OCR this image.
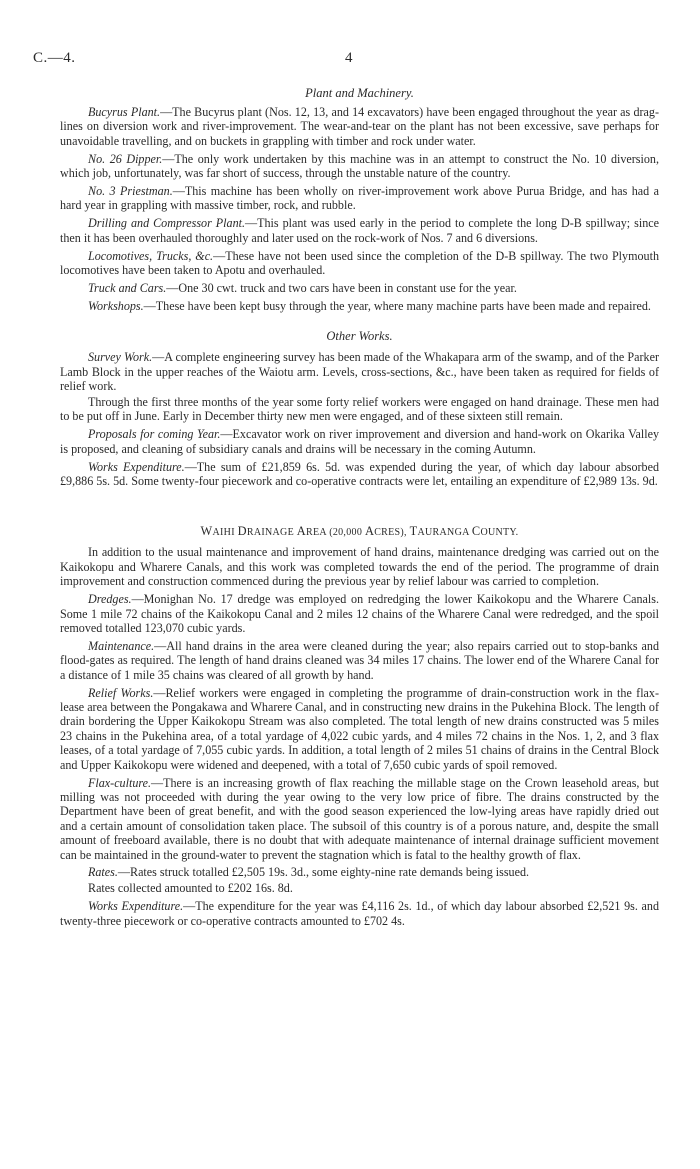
C.—4.	4
Plant and Machinery.

Bucyrus Plant.—The Bucyrus plant (Nos. 12, 13, and 14 excavators) have been engaged throughout the year as drag-lines on diversion work and river-improvement. The wear-and-tear on the plant has not been excessive, save perhaps for unavoidable travelling, and on buckets in grappling with timber and rock under water.

No. 26 Dipper.—The only work undertaken by this machine was in an attempt to construct the No. 10 diversion, which job, unfortunately, was far short of success, through the unstable nature of the country.

No. 3 Priestman.—This machine has been wholly on river-improvement work above Purua Bridge, and has had a hard year in grappling with massive timber, rock, and rubble.

Drilling and Compressor Plant.—This plant was used early in the period to complete the long D-B spillway; since then it has been overhauled thoroughly and later used on the rock-work of Nos. 7 and 6 diversions.

Locomotives, Trucks, &c.—These have not been used since the completion of the D-B spillway. The two Plymouth locomotives have been taken to Apotu and overhauled.

Truck and Cars.—One 30 cwt. truck and two cars have been in constant use for the year.

Workshops.—These have been kept busy through the year, where many machine parts have been made and repaired.

Other Works.

Survey Work.—A complete engineering survey has been made of the Whakapara arm of the swamp, and of the Parker Lamb Block in the upper reaches of the Waiotu arm. Levels, cross-sections, &c., have been taken as required for fields of relief work.

Through the first three months of the year some forty relief workers were engaged on hand drainage. These men had to be put off in June. Early in December thirty new men were engaged, and of these sixteen still remain.

Proposals for coming Year.—Excavator work on river improvement and diversion and hand-work on Okarika Valley is proposed, and cleaning of subsidiary canals and drains will be necessary in the coming Autumn.

Works Expenditure.—The sum of £21,859 6s. 5d. was expended during the year, of which day labour absorbed £9,886 5s. 5d. Some twenty-four piecework and co-operative contracts were let, entailing an expenditure of £2,989 13s. 9d.

WAIHI DRAINAGE AREA (20,000 ACRES), TAURANGA COUNTY.

In addition to the usual maintenance and improvement of hand drains, maintenance dredging was carried out on the Kaikokopu and Wharere Canals, and this work was completed towards the end of the period. The programme of drain improvement and construction commenced during the previous year by relief labour was carried to completion.

Dredges.—Monighan No. 17 dredge was employed on redredging the lower Kaikokopu and the Wharere Canals. Some 1 mile 72 chains of the Kaikokopu Canal and 2 miles 12 chains of the Wharere Canal were redredged, and the spoil removed totalled 123,070 cubic yards.

Maintenance.—All hand drains in the area were cleaned during the year; also repairs carried out to stop-banks and flood-gates as required. The length of hand drains cleaned was 34 miles 17 chains. The lower end of the Wharere Canal for a distance of 1 mile 35 chains was cleared of all growth by hand.

Relief Works.—Relief workers were engaged in completing the programme of drain-construction work in the flax-lease area between the Pongakawa and Wharere Canal, and in constructing new drains in the Pukehina Block. The length of drain bordering the Upper Kaikokopu Stream was also completed. The total length of new drains constructed was 5 miles 23 chains in the Pukehina area, of a total yardage of 4,022 cubic yards, and 4 miles 72 chains in the Nos. 1, 2, and 3 flax leases, of a total yardage of 7,055 cubic yards. In addition, a total length of 2 miles 51 chains of drains in the Central Block and Upper Kaikokopu were widened and deepened, with a total of 7,650 cubic yards of spoil removed.

Flax-culture.—There is an increasing growth of flax reaching the millable stage on the Crown leasehold areas, but milling was not proceeded with during the year owing to the very low price of fibre. The drains constructed by the Department have been of great benefit, and with the good season experienced the low-lying areas have rapidly dried out and a certain amount of consolidation taken place. The subsoil of this country is of a porous nature, and, despite the small amount of freeboard available, there is no doubt that with adequate maintenance of internal drainage sufficient movement can be maintained in the ground-water to prevent the stagnation which is fatal to the healthy growth of flax.

Rates.—Rates struck totalled £2,505 19s. 3d., some eighty-nine rate demands being issued.

Rates collected amounted to £202 16s. 8d.

Works Expenditure.—The expenditure for the year was £4,116 2s. 1d., of which day labour absorbed £2,521 9s. and twenty-three piecework or co-operative contracts amounted to £702 4s.
